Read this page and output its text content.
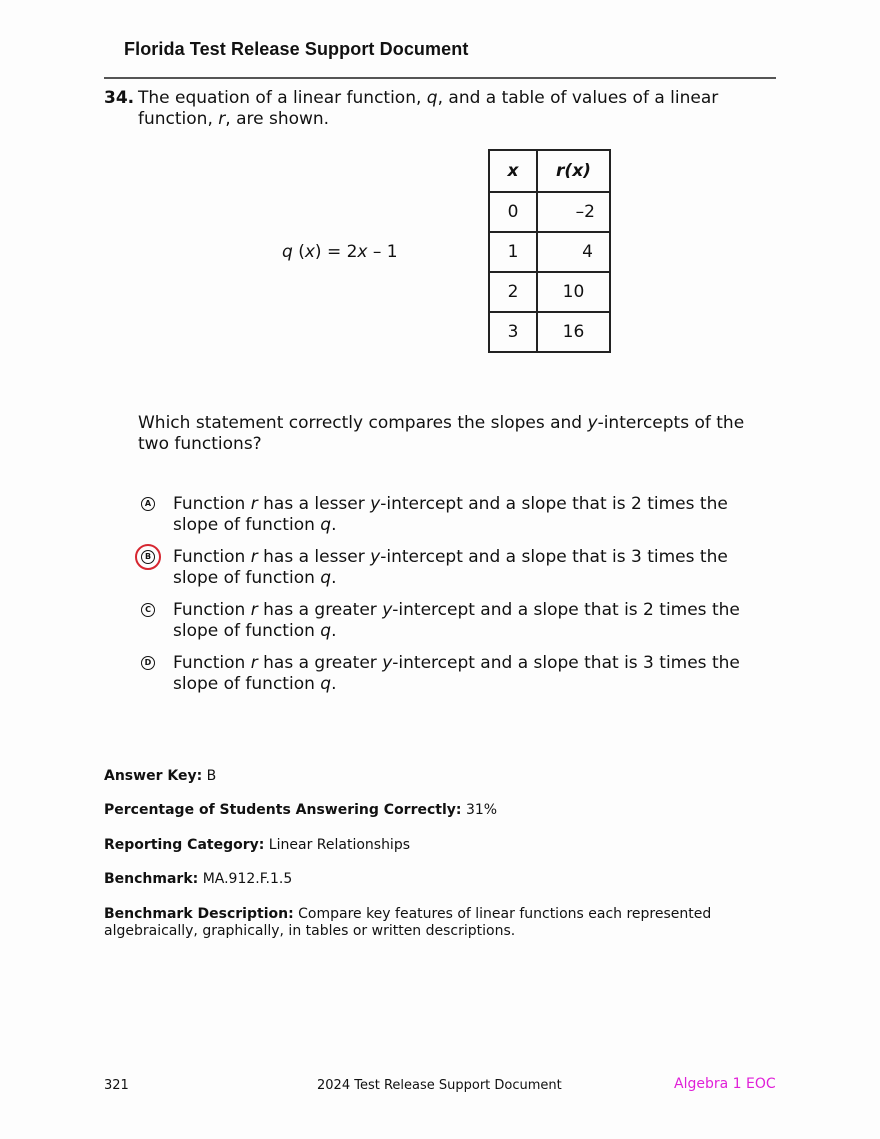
Florida Test Release Support Document
34. The equation of a linear function, q, and a table of values of a linear function, r, are shown.
q (x) = 2x – 1
x	r(x)
0	–2
1	4
2	10
3	16
Which statement correctly compares the slopes and y-intercepts of the two functions?
A Function r has a lesser y-intercept and a slope that is 2 times the slope of function q.
B Function r has a lesser y-intercept and a slope that is 3 times the slope of function q.
C Function r has a greater y-intercept and a slope that is 2 times the slope of function q.
D Function r has a greater y-intercept and a slope that is 3 times the slope of function q.
Answer Key: B
Percentage of Students Answering Correctly: 31%
Reporting Category: Linear Relationships
Benchmark: MA.912.F.1.5
Benchmark Description: Compare key features of linear functions each represented algebraically, graphically, in tables or written descriptions.
321	2024 Test Release Support Document	Algebra 1 EOC
